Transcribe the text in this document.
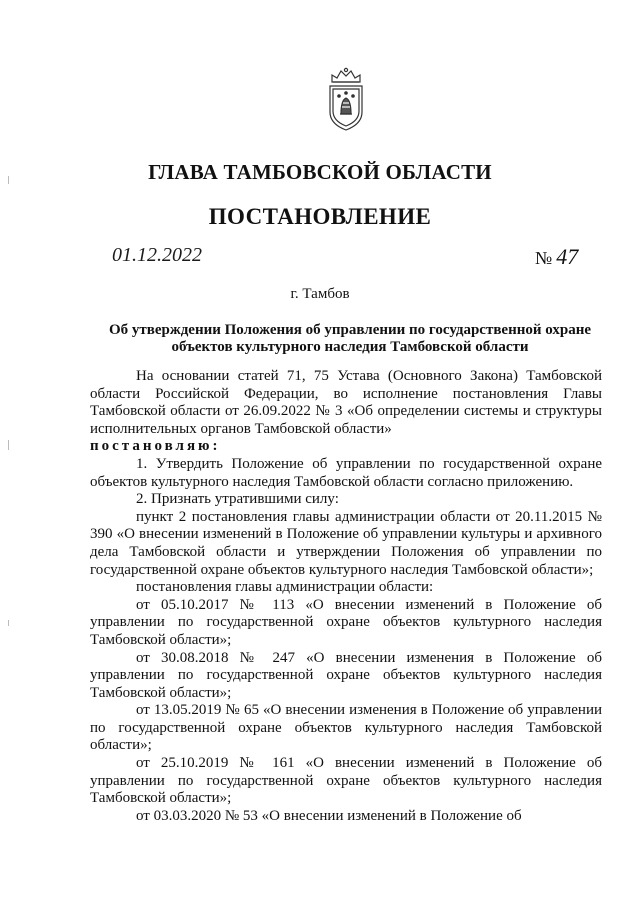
ГЛАВА ТАМБОВСКОЙ ОБЛАСТИ
ПОСТАНОВЛЕНИЕ
01.12.2022	№ 47
г. Тамбов
Об утверждении Положения об управлении по государственной охране объектов культурного наследия Тамбовской области

На основании статей 71, 75 Устава (Основного Закона) Тамбовской области Российской Федерации, во исполнение постановления Главы Тамбовской области от 26.09.2022 № 3 «Об определении системы и структуры исполнительных органов Тамбовской области»

постановляю:

1. Утвердить Положение об управлении по государственной охране объектов культурного наследия Тамбовской области согласно приложению.

2. Признать утратившими силу:

пункт 2 постановления главы администрации области от 20.11.2015 № 390 «О внесении изменений в Положение об управлении культуры и архивного дела Тамбовской области и утверждении Положения об управлении по государственной охране объектов культурного наследия Тамбовской области»;

постановления главы администрации области:

от 05.10.2017 № 113 «О внесении изменений в Положение об управлении по государственной охране объектов культурного наследия Тамбовской области»;

от 30.08.2018 № 247 «О внесении изменения в Положение об управлении по государственной охране объектов культурного наследия Тамбовской области»;

от 13.05.2019 № 65 «О внесении изменения в Положение об управлении по государственной охране объектов культурного наследия Тамбовской области»;

от 25.10.2019 № 161 «О внесении изменений в Положение об управлении по государственной охране объектов культурного наследия Тамбовской области»;

от 03.03.2020 № 53 «О внесении изменений в Положение об
